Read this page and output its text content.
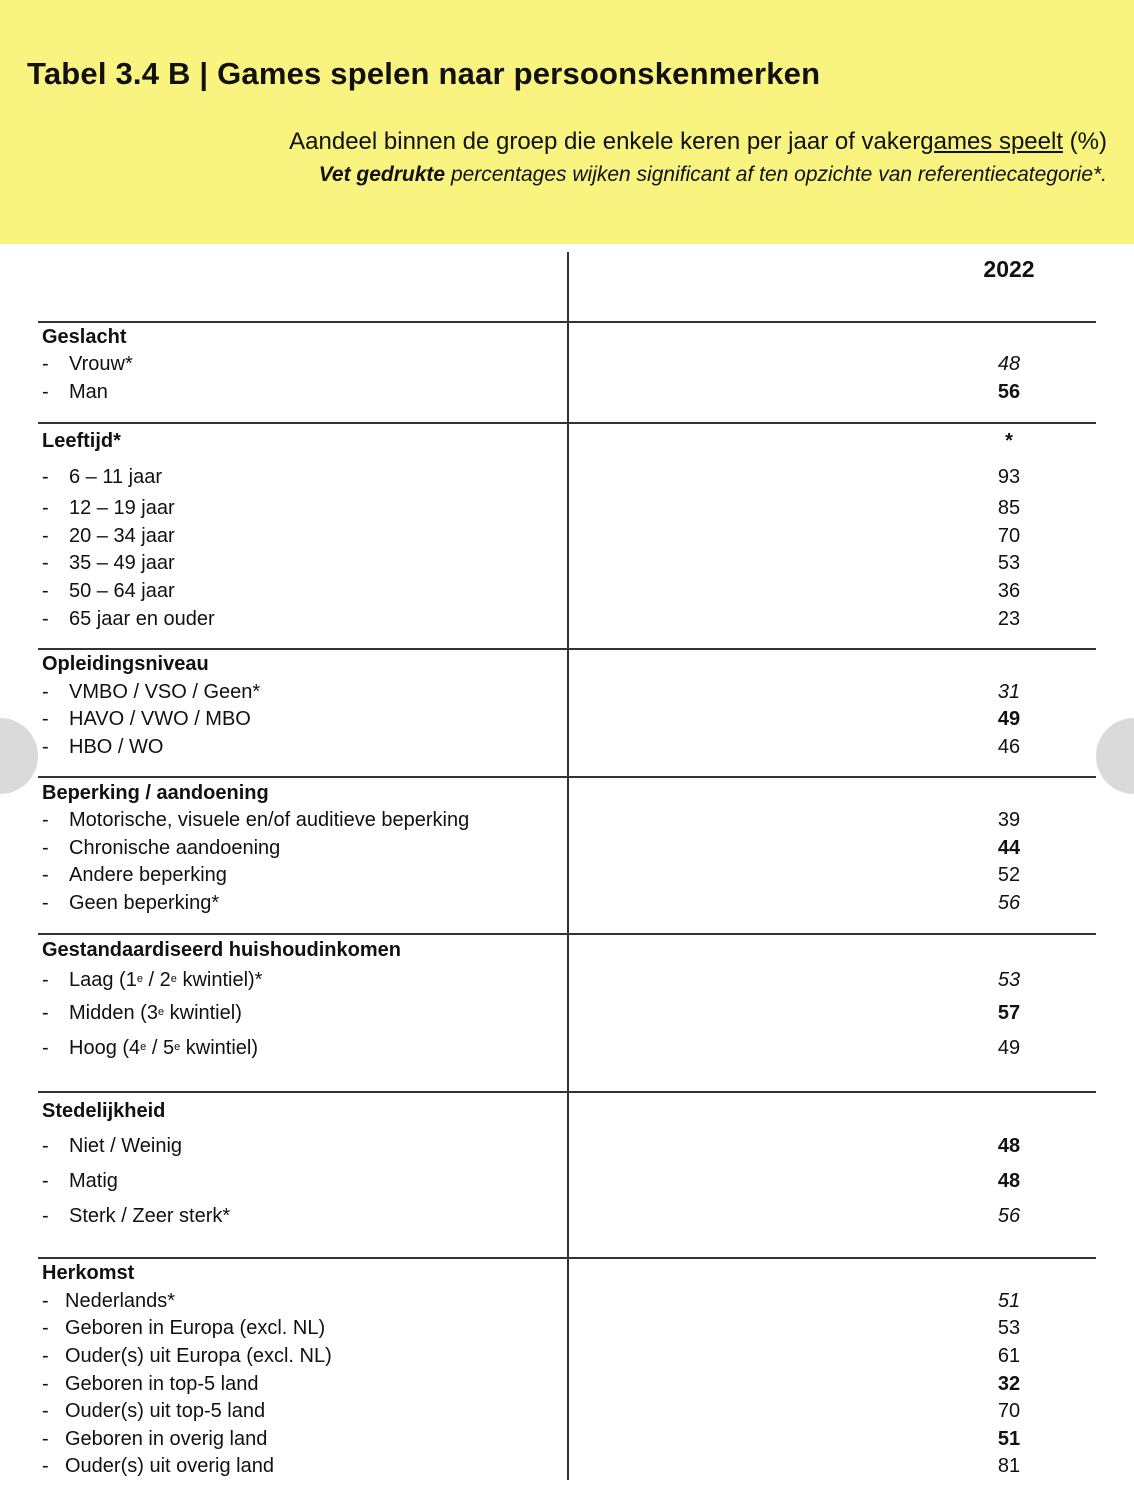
Tabel 3.4 B | Games spelen naar persoonskenmerken
Aandeel binnen de groep die enkele keren per jaar of vakergames speelt (%)
Vet gedrukte percentages wijken significant af ten opzichte van referentiecategorie*.
2022
Geslacht
- Vrouw*	48
- Man	56
Leeftijd*	*
- 6 – 11 jaar	93
- 12 – 19 jaar	85
- 20 – 34 jaar	70
- 35 – 49 jaar	53
- 50 – 64 jaar	36
- 65 jaar en ouder	23
Opleidingsniveau
- VMBO / VSO / Geen*	31
- HAVO / VWO / MBO	49
- HBO / WO	46
Beperking / aandoening
- Motorische, visuele en/of auditieve beperking	39
- Chronische aandoening	44
- Andere beperking	52
- Geen beperking*	56
Gestandaardiseerd huishoudinkomen
- Laag (1e / 2e kwintiel)*	53
- Midden (3e kwintiel)	57
- Hoog (4e / 5e kwintiel)	49
Stedelijkheid
- Niet / Weinig	48
- Matig	48
- Sterk / Zeer sterk*	56
Herkomst
- Nederlands*	51
- Geboren in Europa (excl. NL)	53
- Ouder(s) uit Europa (excl. NL)	61
- Geboren in top-5 land	32
- Ouder(s) uit top-5 land	70
- Geboren in overig land	51
- Ouder(s) uit overig land	81
